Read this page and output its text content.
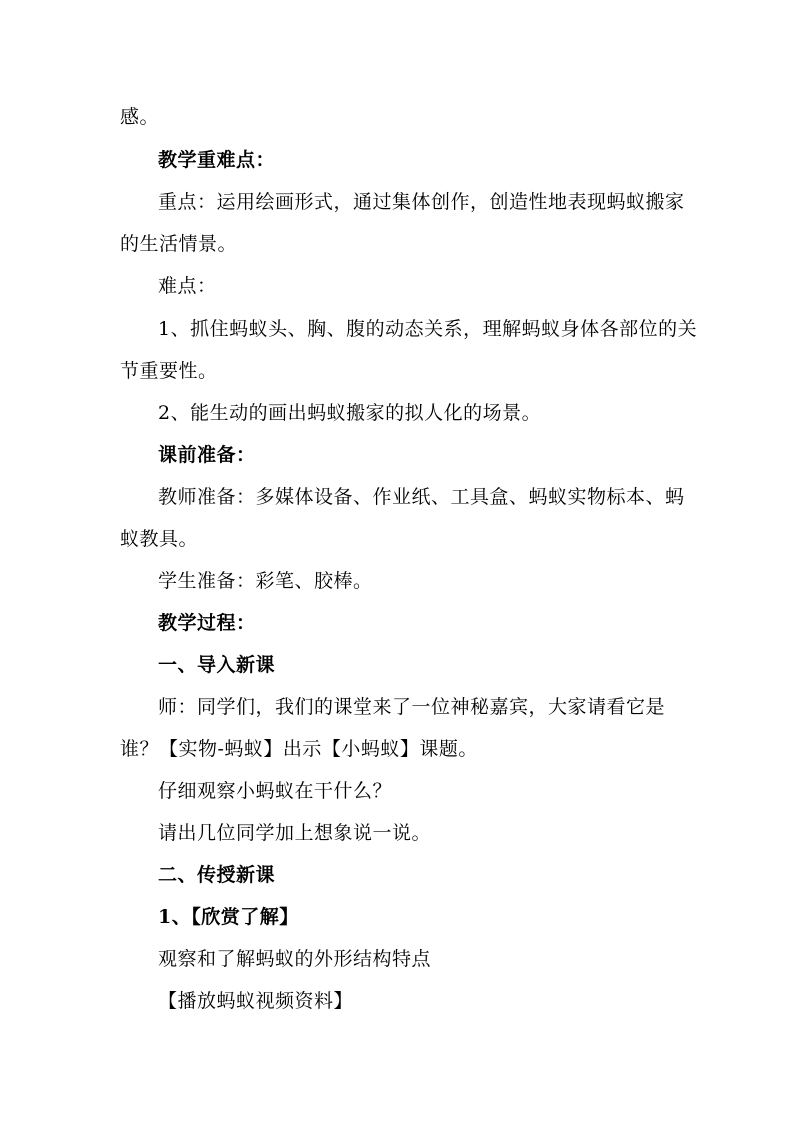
感。
教学重难点：
重点：运用绘画形式，通过集体创作，创造性地表现蚂蚁搬家
的生活情景。
难点：
1、抓住蚂蚁头、胸、腹的动态关系，理解蚂蚁身体各部位的关
节重要性。
2、能生动的画出蚂蚁搬家的拟人化的场景。
课前准备：
教师准备：多媒体设备、作业纸、工具盒、蚂蚁实物标本、蚂
蚁教具。
学生准备：彩笔、胶棒。
教学过程：
一、导入新课
师：同学们，我们的课堂来了一位神秘嘉宾，大家请看它是
谁？【实物-蚂蚁】出示【小蚂蚁】课题。
仔细观察小蚂蚁在干什么？
请出几位同学加上想象说一说。
二、传授新课
1、【欣赏了解】
观察和了解蚂蚁的外形结构特点
【播放蚂蚁视频资料】
